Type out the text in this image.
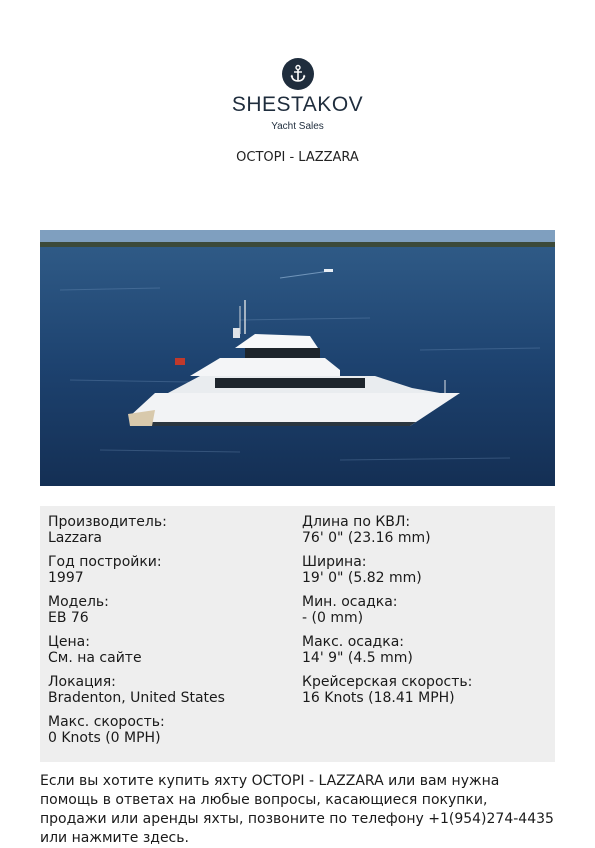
SHESTAKOV
Yacht Sales
OCTOPI - LAZZARA
Производитель:
Lazzara
Год постройки:
1997
Модель:
EB 76
Цена:
См. на сайте
Локация:
Bradenton, United States
Макс. скорость:
0 Knots (0 MPH)
Длина по КВЛ:
76' 0" (23.16 mm)
Ширина:
19' 0" (5.82 mm)
Мин. осадка:
- (0 mm)
Макс. осадка:
14' 9" (4.5 mm)
Крейсерская скорость:
16 Knots (18.41 MPH)
Если вы хотите купить яхту OCTOPI - LAZZARA или вам нужна помощь в ответах на любые вопросы, касающиеся покупки, продажи или аренды яхты, позвоните по телефону +1(954)274-4435 или нажмите здесь.
